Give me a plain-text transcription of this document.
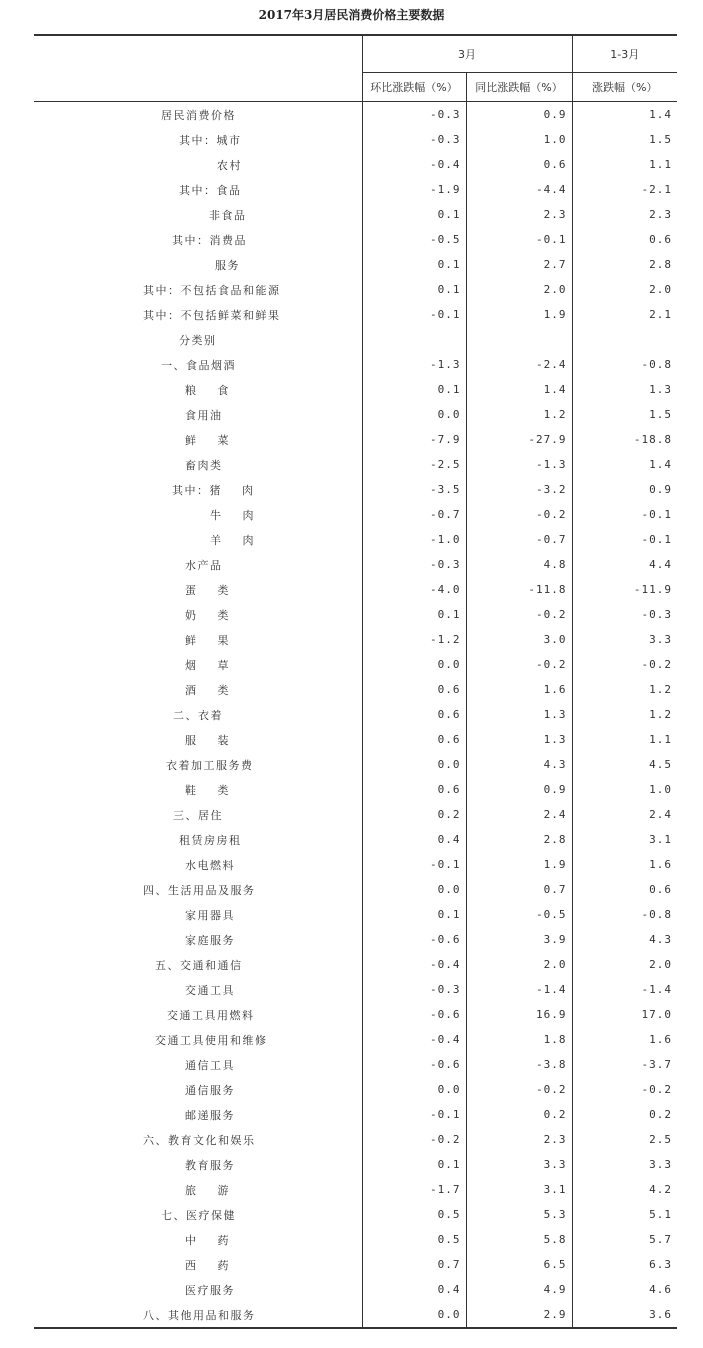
2017年3月居民消费价格主要数据
	3月		1-3月
	环比涨跌幅（%）	同比涨跌幅（%）	涨跌幅（%）
居民消费价格	-0.3	0.9	1.4
其中：城市	-0.3	1.0	1.5
农村	-0.4	0.6	1.1
其中：食品	-1.9	-4.4	-2.1
非食品	0.1	2.3	2.3
其中：消费品	-0.5	-0.1	0.6
服务	0.1	2.7	2.8
其中：不包括食品和能源	0.1	2.0	2.0
其中：不包括鲜菜和鲜果	-0.1	1.9	2.1
分类别			
一、食品烟酒	-1.3	-2.4	-0.8
粮    食	0.1	1.4	1.3
食用油	0.0	1.2	1.5
鲜    菜	-7.9	-27.9	-18.8
畜肉类	-2.5	-1.3	1.4
其中：猪    肉	-3.5	-3.2	0.9
牛    肉	-0.7	-0.2	-0.1
羊    肉	-1.0	-0.7	-0.1
水产品	-0.3	4.8	4.4
蛋    类	-4.0	-11.8	-11.9
奶    类	0.1	-0.2	-0.3
鲜    果	-1.2	3.0	3.3
烟    草	0.0	-0.2	-0.2
酒    类	0.6	1.6	1.2
二、衣着	0.6	1.3	1.2
服    装	0.6	1.3	1.1
衣着加工服务费	0.0	4.3	4.5
鞋    类	0.6	0.9	1.0
三、居住	0.2	2.4	2.4
租赁房房租	0.4	2.8	3.1
水电燃料	-0.1	1.9	1.6
四、生活用品及服务	0.0	0.7	0.6
家用器具	0.1	-0.5	-0.8
家庭服务	-0.6	3.9	4.3
五、交通和通信	-0.4	2.0	2.0
交通工具	-0.3	-1.4	-1.4
交通工具用燃料	-0.6	16.9	17.0
交通工具使用和维修	-0.4	1.8	1.6
通信工具	-0.6	-3.8	-3.7
通信服务	0.0	-0.2	-0.2
邮递服务	-0.1	0.2	0.2
六、教育文化和娱乐	-0.2	2.3	2.5
教育服务	0.1	3.3	3.3
旅    游	-1.7	3.1	4.2
七、医疗保健	0.5	5.3	5.1
中    药	0.5	5.8	5.7
西    药	0.7	6.5	6.3
医疗服务	0.4	4.9	4.6
八、其他用品和服务	0.0	2.9	3.6
